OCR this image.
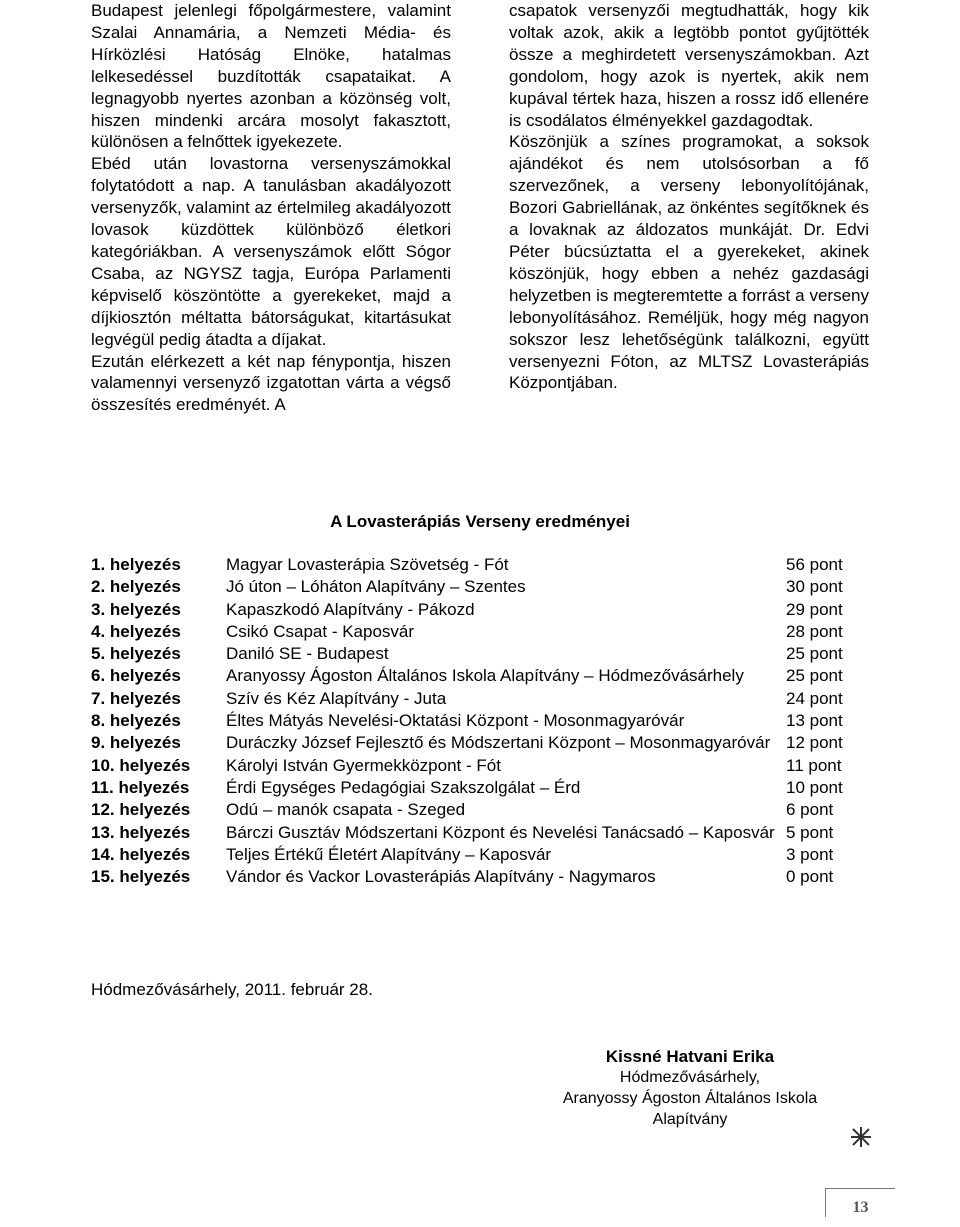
Budapest jelenlegi főpolgármestere, valamint Szalai Annamária, a Nemzeti Média- és Hírközlési Hatóság Elnöke, hatalmas lelkesedéssel buzdították csapataikat. A legnagyobb nyertes azonban a közönség volt, hiszen mindenki arcára mosolyt fakasztott, különösen a felnőttek igyekezete.

Ebéd után lovastorna versenyszámokkal folytatódott a nap. A tanulásban akadályozott versenyzők, valamint az értelmileg akadályozott lovasok küzdöttek különböző életkori kategóriákban. A versenyszámok előtt Sógor Csaba, az NGYSZ tagja, Európa Parlamenti képviselő köszöntötte a gyerekeket, majd a díjkiosztón méltatta bátorságukat, kitartásukat legvégül pedig átadta a díjakat.

Ezután elérkezett a két nap fénypontja, hiszen valamennyi versenyző izgatottan várta a végső összesítés eredményét. A

csapatok versenyzői megtudhatták, hogy kik voltak azok, akik a legtöbb pontot gyűjtötték össze a meghirdetett versenyszámokban. Azt gondolom, hogy azok is nyertek, akik nem kupával tértek haza, hiszen a rossz idő ellenére is csodálatos élményekkel gazdagodtak.

Köszönjük a színes programokat, a soksok ajándékot és nem utolsósorban a fő szervezőnek, a verseny lebonyolítójának, Bozori Gabriellának, az önkéntes segítőknek és a lovaknak az áldozatos munkáját. Dr. Edvi Péter búcsúztatta el a gyerekeket, akinek köszönjük, hogy ebben a nehéz gazdasági helyzetben is megteremtette a forrást a verseny lebonyolításához. Reméljük, hogy még nagyon sokszor lesz lehetőségünk találkozni, együtt versenyezni Fóton, az MLTSZ Lovasterápiás Központjában.

A Lovasterápiás Verseny eredményei
1. helyezés	Magyar Lovasterápia Szövetség - Fót	56 pont
2. helyezés	Jó úton – Lóháton Alapítvány – Szentes	30 pont
3. helyezés	Kapaszkodó Alapítvány - Pákozd	29 pont
4. helyezés	Csikó Csapat - Kaposvár	28 pont
5. helyezés	Daniló SE - Budapest	25 pont
6. helyezés	Aranyossy Ágoston Általános Iskola Alapítvány – Hódmezővásárhely	25 pont
7. helyezés	Szív és Kéz Alapítvány - Juta	24 pont
8. helyezés	Éltes Mátyás Nevelési-Oktatási Központ - Mosonmagyaróvár	13 pont
9. helyezés	Duráczky József Fejlesztő és Módszertani Központ – Mosonmagyaróvár	12 pont
10. helyezés	Károlyi István Gyermekközpont - Fót	11 pont
11. helyezés	Érdi Egységes Pedagógiai Szakszolgálat – Érd	10 pont
12. helyezés	Odú – manók csapata - Szeged	6 pont
13. helyezés	Bárczi Gusztáv Módszertani Központ és Nevelési Tanácsadó – Kaposvár	5 pont
14. helyezés	Teljes Értékű Életért Alapítvány – Kaposvár	3 pont
15. helyezés	Vándor és Vackor Lovasterápiás Alapítvány - Nagymaros	0 pont
Hódmezővásárhely, 2011. február 28.
Kissné Hatvani Erika
Hódmezővásárhely,
Aranyossy Ágoston Általános Iskola
Alapítvány
13
